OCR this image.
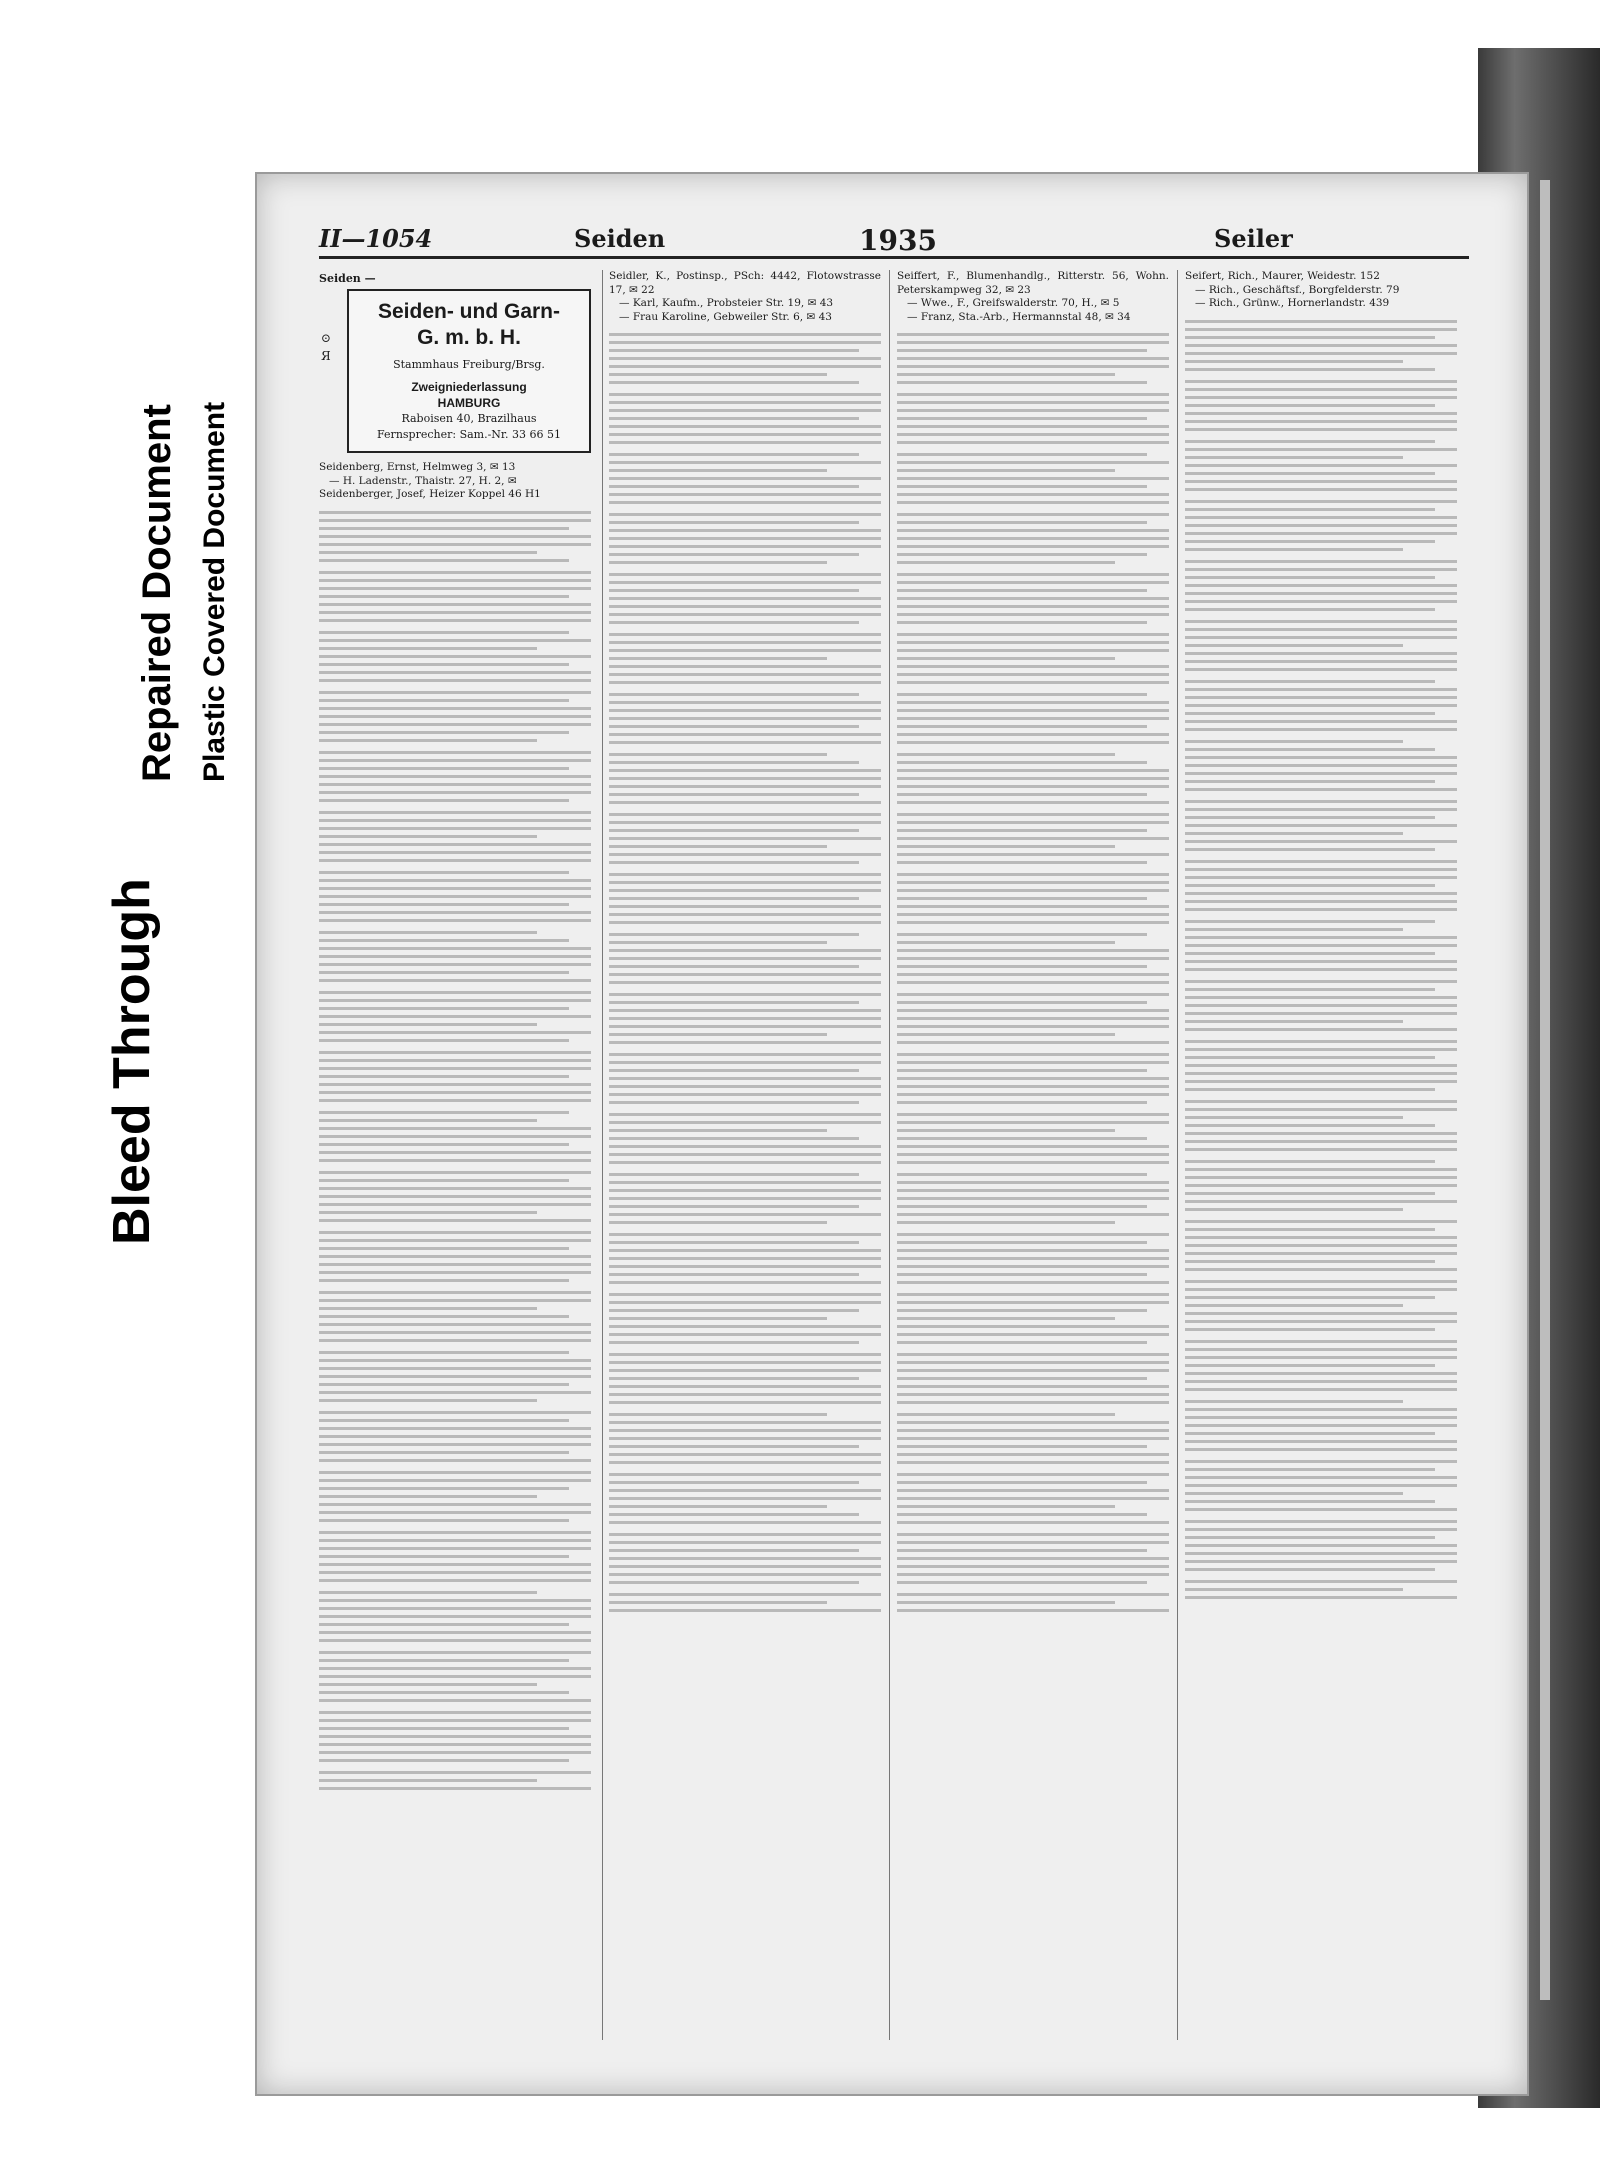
Bleed Through
Repaired Document Plastic Covered Document
II—1054	Seiden	1935	Seiler
Seiden —
⊙
Я
Seiden- und Garn-
G. m. b. H.
Stammhaus Freiburg/Brsg.
Zweigniederlassung
HAMBURG
Raboisen 40, Brazilhaus
Fernsprecher: Sam.-Nr. 33 66 51

Seidenberg, Ernst, Helmweg 3, ✉ 13

— H. Ladenstr., Thaistr. 27, H. 2, ✉

Seidenberger, Josef, Heizer Koppel 46 H1

Seidler, K., Postinsp., PSch: 4442, Flotowstrasse 17, ✉ 22

— Karl, Kaufm., Probsteier Str. 19, ✉ 43

— Frau Karoline, Gebweiler Str. 6, ✉ 43

Seiffert, F., Blumenhandlg., Ritterstr. 56, Wohn. Peterskampweg 32, ✉ 23

— Wwe., F., Greifswalderstr. 70, H., ✉ 5

— Franz, Sta.-Arb., Hermannstal 48, ✉ 34

Seifert, Rich., Maurer, Weidestr. 152

— Rich., Geschäftsf., Borgfelderstr. 79

— Rich., Grünw., Hornerlandstr. 439
